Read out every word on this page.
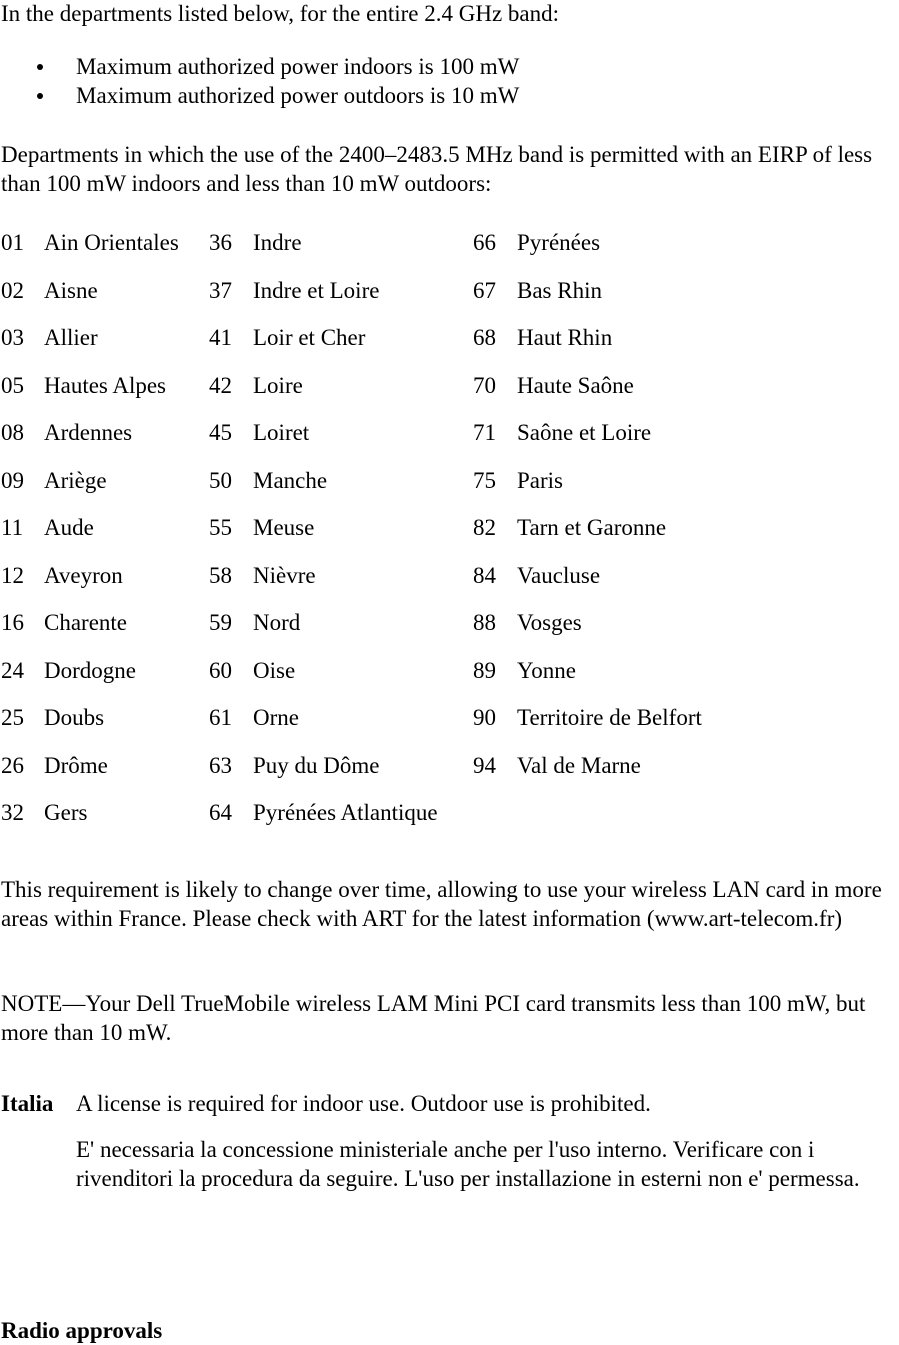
In the departments listed below, for the entire 2.4 GHz band:

Maximum authorized power indoors is 100 mW
Maximum authorized power outdoors is 10 mW

Departments in which the use of the 2400–2483.5 MHz band is permitted with an EIRP of less than 100 mW indoors and less than 10 mW outdoors:

01	Ain Orientales	36	Indre	66	Pyrénées
02	Aisne	37	Indre et Loire	67	Bas Rhin
03	Allier	41	Loir et Cher	68	Haut Rhin
05	Hautes Alpes	42	Loire	70	Haute Saône
08	Ardennes	45	Loiret	71	Saône et Loire
09	Ariège	50	Manche	75	Paris
11	Aude	55	Meuse	82	Tarn et Garonne
12	Aveyron	58	Nièvre	84	Vaucluse
16	Charente	59	Nord	88	Vosges
24	Dordogne	60	Oise	89	Yonne
25	Doubs	61	Orne	90	Territoire de Belfort
26	Drôme	63	Puy du Dôme	94	Val de Marne
32	Gers	64	Pyrénées Atlantique		

This requirement is likely to change over time, allowing to use your wireless LAN card in more areas within France. Please check with ART for the latest information (www.art-telecom.fr)

NOTE—Your Dell TrueMobile wireless LAM Mini PCI card transmits less than 100 mW, but more than 10 mW.

Italia A license is required for indoor use. Outdoor use is prohibited.

E' necessaria la concessione ministeriale anche per l'uso interno. Verificare con i rivenditori la procedura da seguire. L'uso per installazione in esterni non e' permessa.

Radio approvals
